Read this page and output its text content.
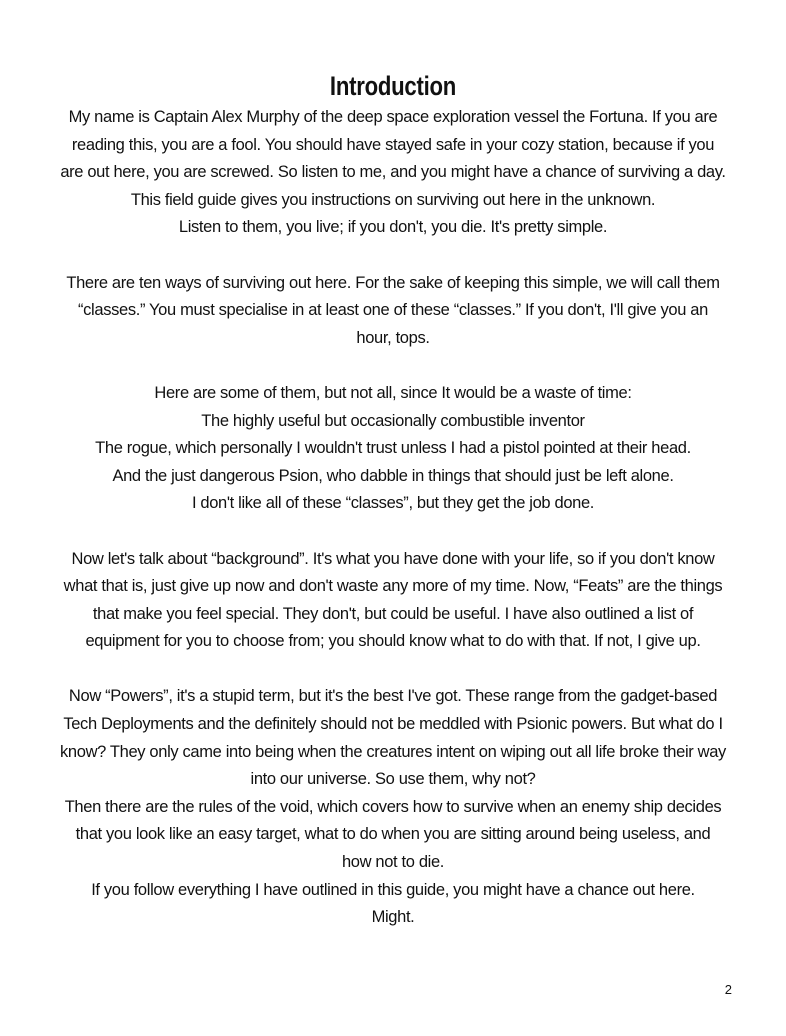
Introduction

My name is Captain Alex Murphy of the deep space exploration vessel the Fortuna. If you are reading this, you are a fool. You should have stayed safe in your cozy station, because if you are out here, you are screwed. So listen to me, and you might have a chance of surviving a day. This field guide gives you instructions on surviving out here in the unknown.

Listen to them, you live; if you don't, you die. It's pretty simple.

There are ten ways of surviving out here. For the sake of keeping this simple, we will call them “classes.” You must specialise in at least one of these “classes.” If you don't, I'll give you an hour, tops.

Here are some of them, but not all, since It would be a waste of time:

The highly useful but occasionally combustible inventor

The rogue, which personally I wouldn't trust unless I had a pistol pointed at their head.

And the just dangerous Psion, who dabble in things that should just be left alone.

I don't like all of these “classes”, but they get the job done.

Now let's talk about “background”. It's what you have done with your life, so if you don't know what that is, just give up now and don't waste any more of my time. Now, “Feats” are the things that make you feel special. They don't, but could be useful. I have also outlined a list of equipment for you to choose from; you should know what to do with that. If not, I give up.

Now “Powers”, it's a stupid term, but it's the best I've got. These range from the gadget-based Tech Deployments and the definitely should not be meddled with Psionic powers. But what do I know? They only came into being when the creatures intent on wiping out all life broke their way into our universe. So use them, why not?

Then there are the rules of the void, which covers how to survive when an enemy ship decides that you look like an easy target, what to do when you are sitting around being useless, and how not to die.

If you follow everything I have outlined in this guide, you might have a chance out here.

Might.

2
